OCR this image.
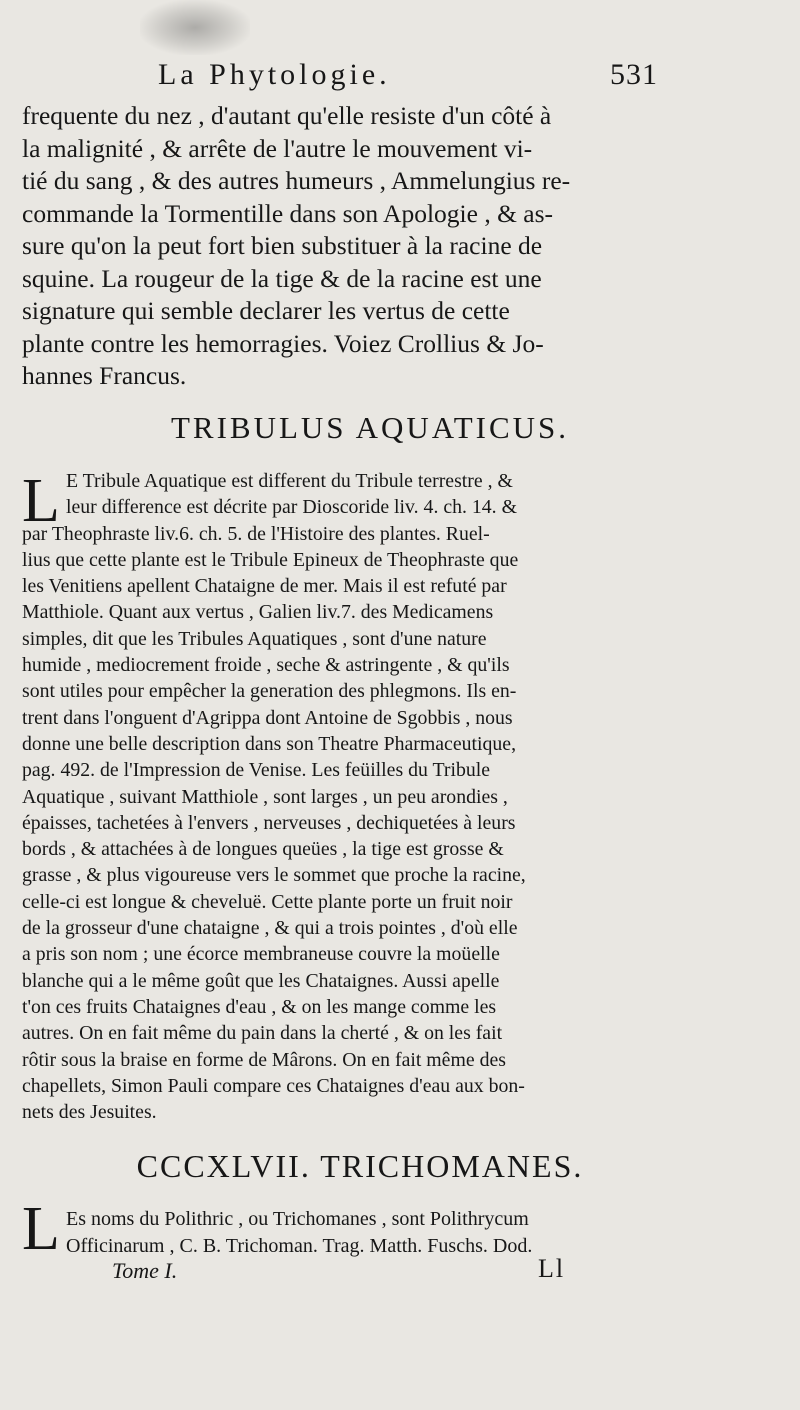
La Phytologie.	531
frequente du nez , d'autant qu'elle resiste d'un côté à
la malignité , & arrête de l'autre le mouvement vi-
tié du sang , & des autres humeurs , Ammelungius re-
commande la Tormentille dans son Apologie , & as-
sure qu'on la peut fort bien substituer à la racine de
squine. La rougeur de la tige & de la racine est une
signature qui semble declarer les vertus de cette
plante contre les hemorragies. Voiez Crollius & Jo-
hannes Francus.
TRIBULUS AQUATICUS.
L E Tribule Aquatique est different du Tribule terrestre , &
leur difference est décrite par Dioscoride liv. 4. ch. 14. &
par Theophraste liv.6. ch. 5. de l'Histoire des plantes. Ruel-
lius que cette plante est le Tribule Epineux de Theophraste que
les Venitiens apellent Chataigne de mer. Mais il est refuté par
Matthiole. Quant aux vertus , Galien liv.7. des Medicamens
simples, dit que les Tribules Aquatiques , sont d'une nature
humide , mediocrement froide , seche & astringente , & qu'ils
sont utiles pour empêcher la generation des phlegmons. Ils en-
trent dans l'onguent d'Agrippa dont Antoine de Sgobbis , nous
donne une belle description dans son Theatre Pharmaceutique,
pag. 492. de l'Impression de Venise. Les feüilles du Tribule
Aquatique , suivant Matthiole , sont larges , un peu arondies ,
épaisses, tachetées à l'envers , nerveuses , dechiquetées à leurs
bords , & attachées à de longues queües , la tige est grosse &
grasse , & plus vigoureuse vers le sommet que proche la racine,
celle-ci est longue & cheveluë. Cette plante porte un fruit noir
de la grosseur d'une chataigne , & qui a trois pointes , d'où elle
a pris son nom ; une écorce membraneuse couvre la moüelle
blanche qui a le même goût que les Chataignes. Aussi apelle
t'on ces fruits Chataignes d'eau , & on les mange comme les
autres. On en fait même du pain dans la cherté , & on les fait
rôtir sous la braise en forme de Mârons. On en fait même des
chapellets, Simon Pauli compare ces Chataignes d'eau aux bon-
nets des Jesuites.
CCCXLVII. TRICHOMANES.
L Es noms du Polithric , ou Trichomanes , sont Polithrycum
Officinarum , C. B. Trichoman. Trag. Matth. Fuschs. Dod.
Tome I.	Ll
